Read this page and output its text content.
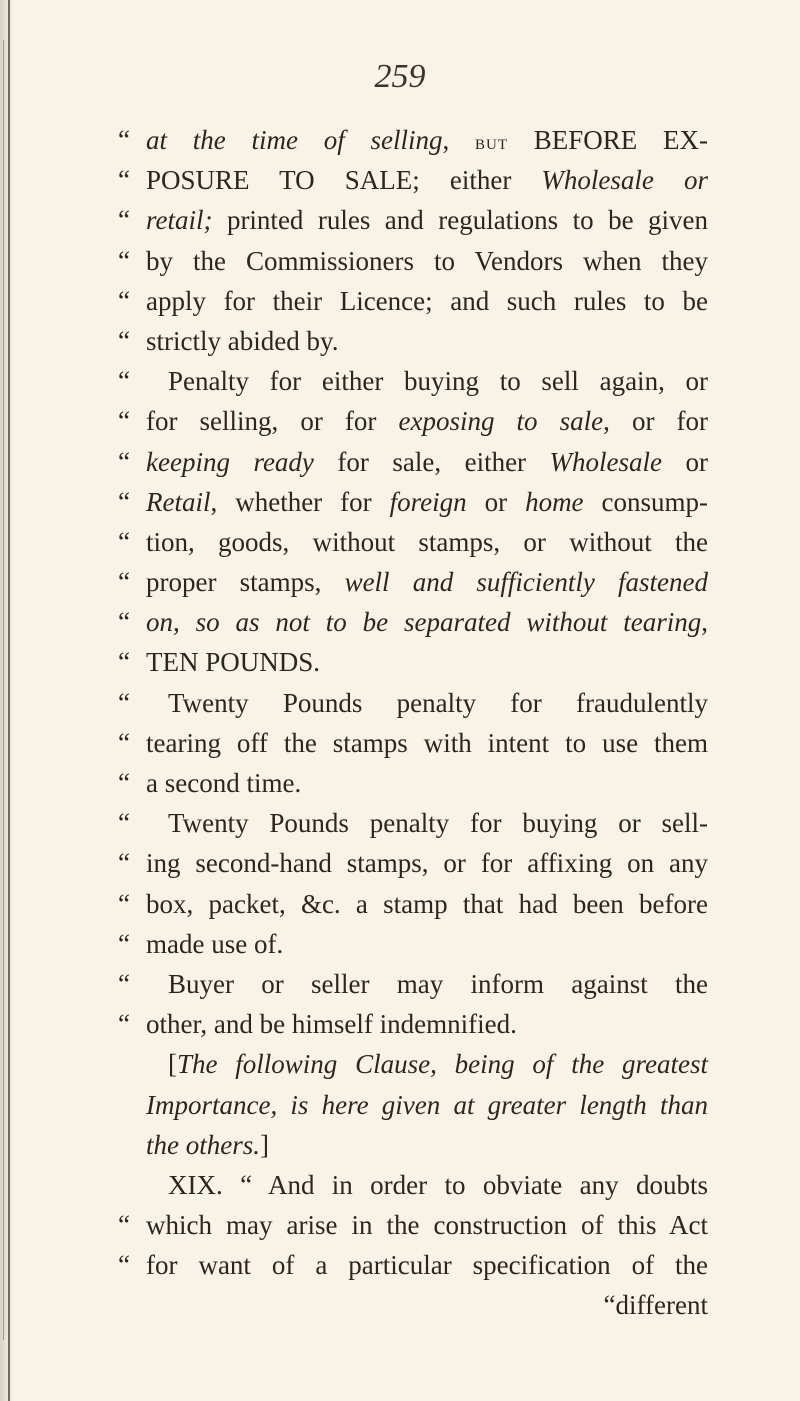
259
“ at the time of selling, but BEFORE EX-
“ POSURE TO SALE; either Wholesale or
“ retail; printed rules and regulations to be given
“ by the Commissioners to Vendors when they
“ apply for their Licence; and such rules to be
“ strictly abided by.
“ Penalty for either buying to sell again, or
“ for selling, or for exposing to sale, or for
“ keeping ready for sale, either Wholesale or
“ Retail, whether for foreign or home consump-
“ tion, goods, without stamps, or without the
“ proper stamps, well and sufficiently fastened
“ on, so as not to be separated without tearing,
“ TEN POUNDS.
“ Twenty Pounds penalty for fraudulently
“ tearing off the stamps with intent to use them
“ a second time.
“ Twenty Pounds penalty for buying or sell-
“ ing second-hand stamps, or for affixing on any
“ box, packet, &c. a stamp that had been before
“ made use of.
“ Buyer or seller may inform against the
“ other, and be himself indemnified.
[The following Clause, being of the greatest
Importance, is here given at greater length than
the others.]
XIX. “ And in order to obviate any doubts
“ which may arise in the construction of this Act
“ for want of a particular specification of the
“different
